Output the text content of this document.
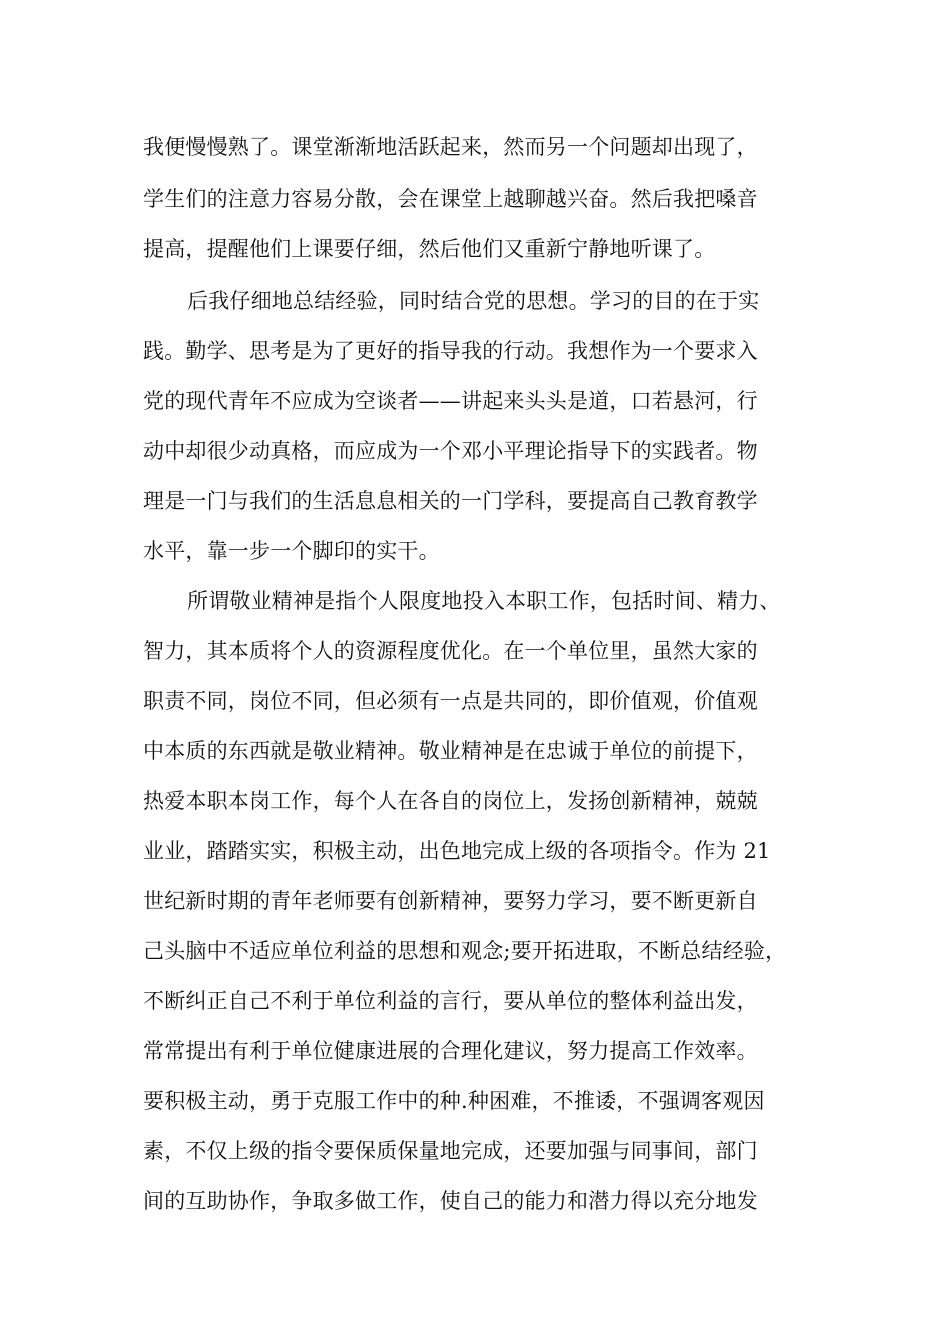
我便慢慢熟了。课堂渐渐地活跃起来，然而另一个问题却出现了，
学生们的注意力容易分散，会在课堂上越聊越兴奋。然后我把嗓音
提高，提醒他们上课要仔细，然后他们又重新宁静地听课了。
后我仔细地总结经验，同时结合党的思想。学习的目的在于实
践。勤学、思考是为了更好的指导我的行动。我想作为一个要求入
党的现代青年不应成为空谈者——讲起来头头是道，口若悬河，行
动中却很少动真格，而应成为一个邓小平理论指导下的实践者。物
理是一门与我们的生活息息相关的一门学科，要提高自己教育教学
水平，靠一步一个脚印的实干。
所谓敬业精神是指个人限度地投入本职工作，包括时间、精力、
智力，其本质将个人的资源程度优化。在一个单位里，虽然大家的
职责不同，岗位不同，但必须有一点是共同的，即价值观，价值观
中本质的东西就是敬业精神。敬业精神是在忠诚于单位的前提下，
热爱本职本岗工作，每个人在各自的岗位上，发扬创新精神，兢兢
业业，踏踏实实，积极主动，出色地完成上级的各项指令。作为 21
世纪新时期的青年老师要有创新精神，要努力学习，要不断更新自
己头脑中不适应单位利益的思想和观念;要开拓进取，不断总结经验，
不断纠正自己不利于单位利益的言行，要从单位的整体利益出发，
常常提出有利于单位健康进展的合理化建议，努力提高工作效率。
要积极主动，勇于克服工作中的种.种困难，不推诿，不强调客观因
素，不仅上级的指令要保质保量地完成，还要加强与同事间，部门
间的互助协作，争取多做工作，使自己的能力和潜力得以充分地发
